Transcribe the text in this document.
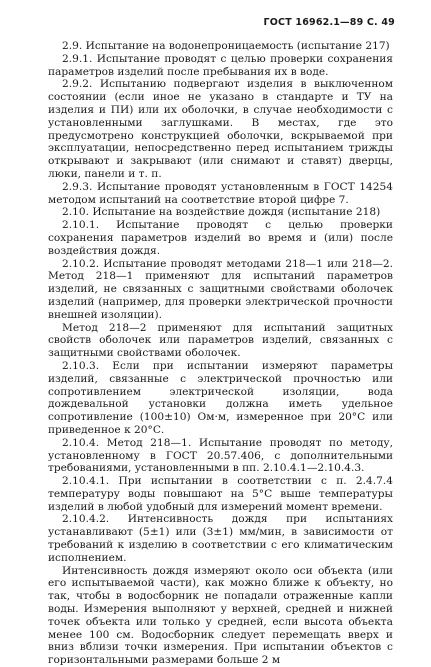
ГОСТ 16962.1—89 С. 49

2.9. Испытание на водонепроницаемость (испытание 217)

2.9.1. Испытание проводят с целью проверки сохранения параметров изделий после пребывания их в воде.

2.9.2. Испытанию подвергают изделия в выключенном состоянии (если иное не указано в стандарте и ТУ на изделия и ПИ) или их оболочки, в случае необходимости с установленными заглушками. В местах, где это предусмотрено конструкцией оболочки, вскрываемой при эксплуатации, непосредственно перед испытанием трижды открывают и закрывают (или снимают и ставят) дверцы, люки, панели и т. п.

2.9.3. Испытание проводят установленным в ГОСТ 14254 методом испытаний на соответствие второй цифре 7.

2.10. Испытание на воздействие дождя (испытание 218)

2.10.1. Испытание проводят с целью проверки сохранения параметров изделий во время и (или) после воздействия дождя.

2.10.2. Испытание проводят методами 218—1 или 218—2. Метод 218—1 применяют для испытаний параметров изделий, не связанных с защитными свойствами оболочек изделий (например, для проверки электрической прочности внешней изоляции).

Метод 218—2 применяют для испытаний защитных свойств оболочек или параметров изделий, связанных с защитными свойствами оболочек.

2.10.3. Если при испытании измеряют параметры изделий, связанные с электрической прочностью или сопротивлением электрической изоляции, вода дождевальной установки должна иметь удельное сопротивление (100±10) Ом·м, измеренное при 20°С или приведенное к 20°С.

2.10.4. Метод 218—1. Испытание проводят по методу, установленному в ГОСТ 20.57.406, с дополнительными требованиями, установленными в пп. 2.10.4.1—2.10.4.3.

2.10.4.1. При испытании в соответствии с п. 2.4.7.4 температуру воды повышают на 5°С выше температуры изделий в любой удобный для измерений момент времени.

2.10.4.2. Интенсивность дождя при испытаниях устанавливают (5±1) или (3±1) мм/мин, в зависимости от требований к изделию в соответствии с его климатическим исполнением.

Интенсивность дождя измеряют около оси объекта (или его испытываемой части), как можно ближе к объекту, но так, чтобы в водосборник не попадали отраженные капли воды. Измерения выполняют у верхней, средней и нижней точек объекта или только у средней, если высота объекта менее 100 см. Водосборник следует перемещать вверх и вниз вблизи точки измерения. При испытании объектов с горизонтальными размерами больше 2 м
